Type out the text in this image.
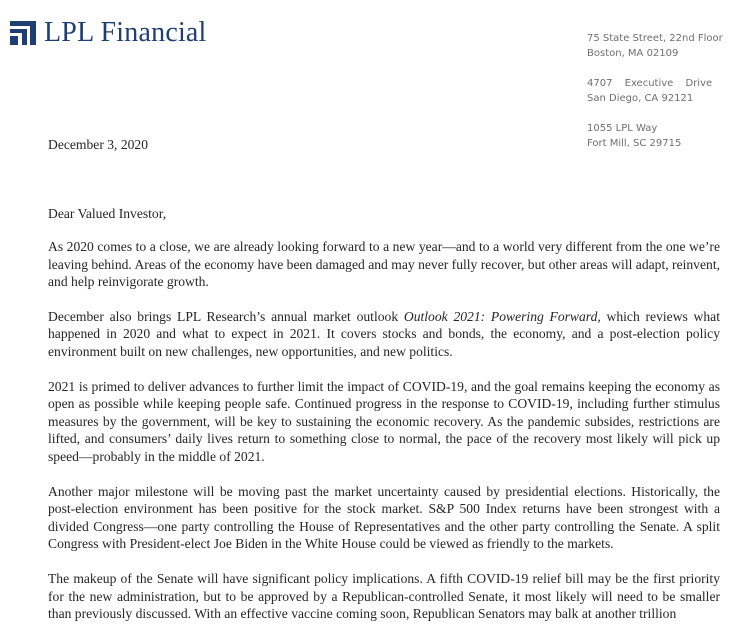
LPL Financial	75 State Street, 22nd Floor
Boston, MA 02109
4707 Executive Drive
San Diego, CA 92121
1055 LPL Way
Fort Mill, SC 29715
December 3, 2020
Dear Valued Investor,

As 2020 comes to a close, we are already looking forward to a new year—and to a world very different from the one we’re leaving behind. Areas of the economy have been damaged and may never fully recover, but other areas will adapt, reinvent, and help reinvigorate growth.

December also brings LPL Research’s annual market outlook Outlook 2021: Powering Forward, which reviews what happened in 2020 and what to expect in 2021. It covers stocks and bonds, the economy, and a post-election policy environment built on new challenges, new opportunities, and new politics.

2021 is primed to deliver advances to further limit the impact of COVID-19, and the goal remains keeping the economy as open as possible while keeping people safe. Continued progress in the response to COVID-19, including further stimulus measures by the government, will be key to sustaining the economic recovery. As the pandemic subsides, restrictions are lifted, and consumers’ daily lives return to something close to normal, the pace of the recovery most likely will pick up speed—probably in the middle of 2021.

Another major milestone will be moving past the market uncertainty caused by presidential elections. Historically, the post-election environment has been positive for the stock market. S&P 500 Index returns have been strongest with a divided Congress—one party controlling the House of Representatives and the other party controlling the Senate. A split Congress with President-elect Joe Biden in the White House could be viewed as friendly to the markets.

The makeup of the Senate will have significant policy implications. A fifth COVID-19 relief bill may be the first priority for the new administration, but to be approved by a Republican-controlled Senate, it most likely will need to be smaller than previously discussed. With an effective vaccine coming soon, Republican Senators may balk at another trillion
